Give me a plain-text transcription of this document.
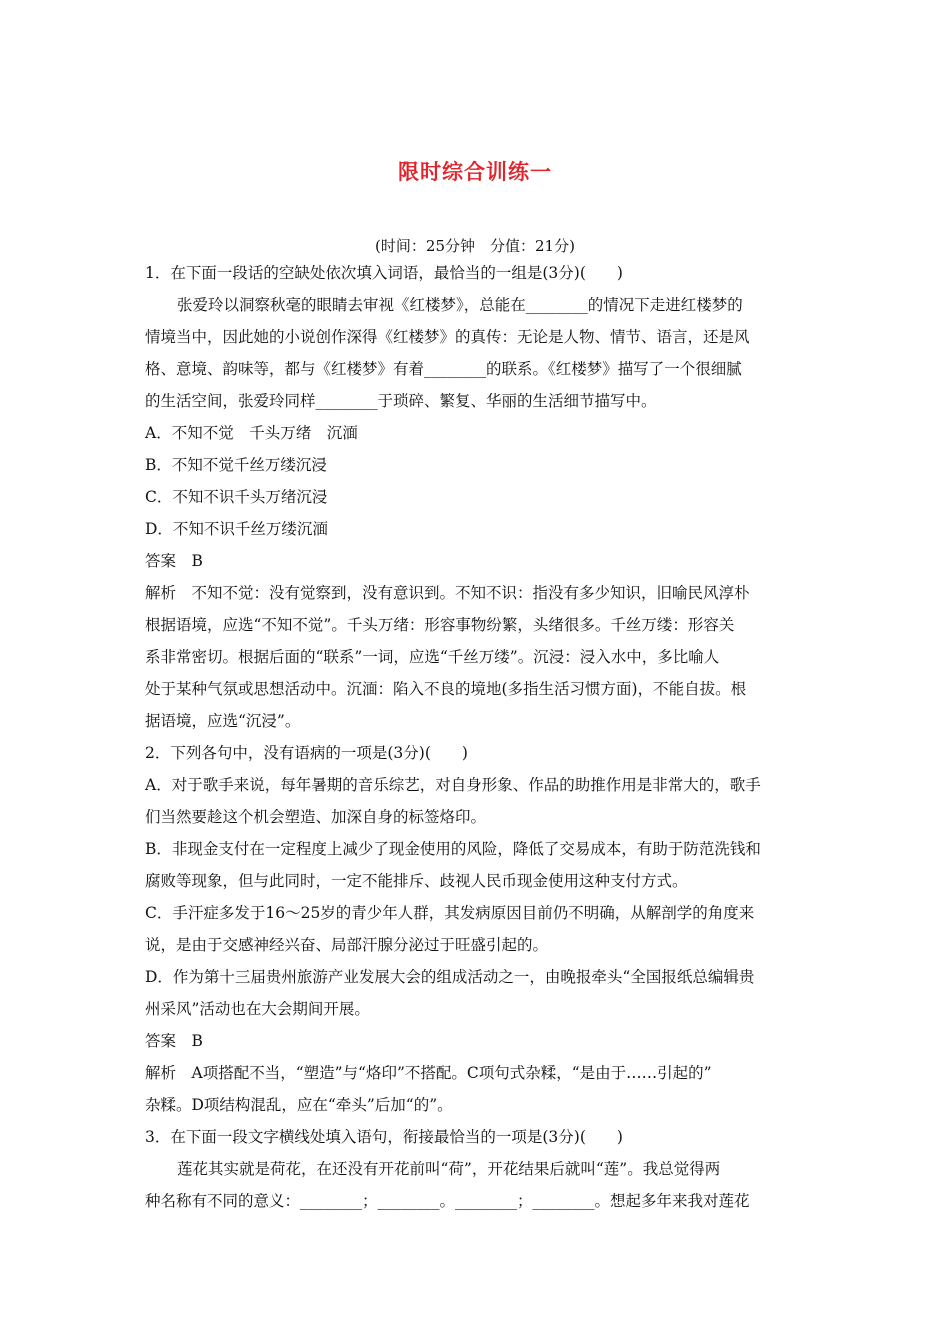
限时综合训练一
(时间：25分钟　分值：21分)
1．在下面一段话的空缺处依次填入词语，最恰当的一组是(3分)(　　)
张爱玲以洞察秋毫的眼睛去审视《红楼梦》，总能在________的情况下走进红楼梦的
情境当中，因此她的小说创作深得《红楼梦》的真传：无论是人物、情节、语言，还是风
格、意境、韵味等，都与《红楼梦》有着________的联系。《红楼梦》描写了一个很细腻
的生活空间，张爱玲同样________于琐碎、繁复、华丽的生活细节描写中。
A．不知不觉　千头万绪　沉湎
B．不知不觉千丝万缕沉浸
C．不知不识千头万绪沉浸
D．不知不识千丝万缕沉湎
答案　B
解析　不知不觉：没有觉察到，没有意识到。不知不识：指没有多少知识，旧喻民风淳朴
根据语境，应选“不知不觉”。千头万绪：形容事物纷繁，头绪很多。千丝万缕：形容关
系非常密切。根据后面的“联系”一词，应选“千丝万缕”。沉浸：浸入水中，多比喻人
处于某种气氛或思想活动中。沉湎：陷入不良的境地(多指生活习惯方面)，不能自拔。根
据语境，应选“沉浸”。
2．下列各句中，没有语病的一项是(3分)(　　)
A．对于歌手来说，每年暑期的音乐综艺，对自身形象、作品的助推作用是非常大的，歌手
们当然要趁这个机会塑造、加深自身的标签烙印。
B．非现金支付在一定程度上减少了现金使用的风险，降低了交易成本，有助于防范洗钱和
腐败等现象，但与此同时，一定不能排斥、歧视人民币现金使用这种支付方式。
C．手汗症多发于16～25岁的青少年人群，其发病原因目前仍不明确，从解剖学的角度来
说，是由于交感神经兴奋、局部汗腺分泌过于旺盛引起的。
D．作为第十三届贵州旅游产业发展大会的组成活动之一，由晚报牵头“全国报纸总编辑贵
州采风”活动也在大会期间开展。
答案　B
解析　A项搭配不当，“塑造”与“烙印”不搭配。C项句式杂糅，“是由于……引起的”
杂糅。D项结构混乱，应在“牵头”后加“的”。
3．在下面一段文字横线处填入语句，衔接最恰当的一项是(3分)(　　)
莲花其实就是荷花，在还没有开花前叫“荷”，开花结果后就叫“莲”。我总觉得两
种名称有不同的意义：________；________。________；________。想起多年来我对莲花
